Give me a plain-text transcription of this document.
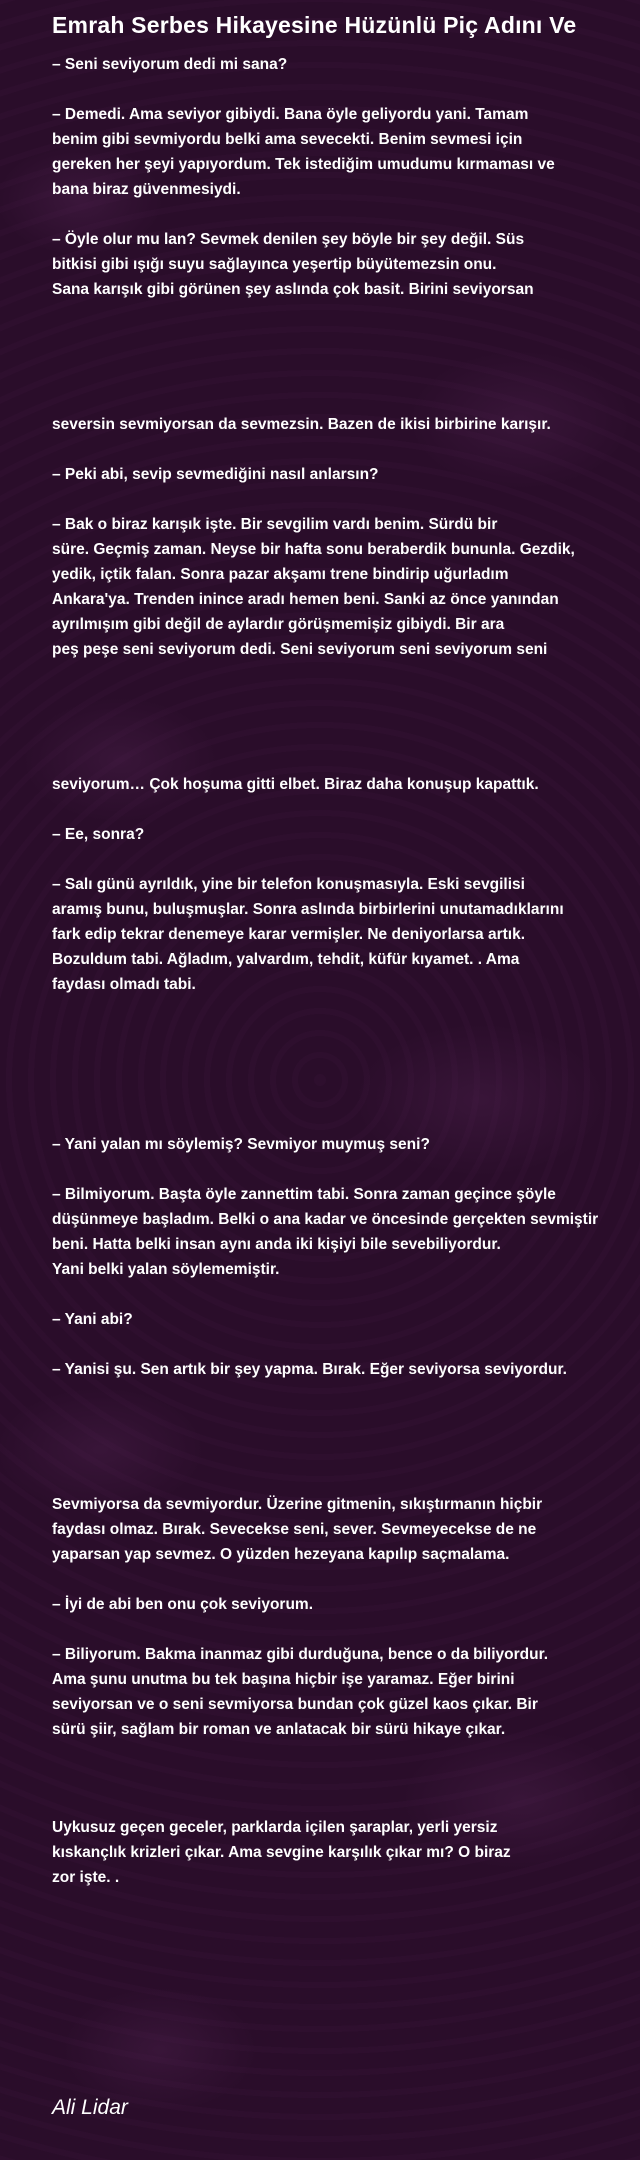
Emrah Serbes Hikayesine Hüzünlü Piç Adını Ve
– Seni seviyorum dedi mi sana?
– Demedi. Ama seviyor gibiydi. Bana öyle geliyordu yani. Tamam
benim gibi sevmiyordu belki ama sevecekti. Benim sevmesi için
gereken her şeyi yapıyordum. Tek istediğim umudumu kırmaması ve
bana biraz güvenmesiydi.
– Öyle olur mu lan? Sevmek denilen şey böyle bir şey değil. Süs
bitkisi gibi ışığı suyu sağlayınca yeşertip büyütemezsin onu.
Sana karışık gibi görünen şey aslında çok basit. Birini seviyorsan
seversin sevmiyorsan da sevmezsin. Bazen de ikisi birbirine karışır.
– Peki abi, sevip sevmediğini nasıl anlarsın?
– Bak o biraz karışık işte. Bir sevgilim vardı benim. Sürdü bir
süre. Geçmiş zaman. Neyse bir hafta sonu beraberdik bununla. Gezdik,
yedik, içtik falan. Sonra pazar akşamı trene bindirip uğurladım
Ankara'ya. Trenden inince aradı hemen beni. Sanki az önce yanından
ayrılmışım gibi değil de aylardır görüşmemişiz gibiydi. Bir ara
peş peşe seni seviyorum dedi. Seni seviyorum seni seviyorum seni
seviyorum… Çok hoşuma gitti elbet. Biraz daha konuşup kapattık.
– Ee, sonra?
– Salı günü ayrıldık, yine bir telefon konuşmasıyla. Eski sevgilisi
aramış bunu, buluşmuşlar. Sonra aslında birbirlerini unutamadıklarını
fark edip tekrar denemeye karar vermişler. Ne deniyorlarsa artık.
Bozuldum tabi. Ağladım, yalvardım, tehdit, küfür kıyamet. . Ama
faydası olmadı tabi.
– Yani yalan mı söylemiş? Sevmiyor muymuş seni?
– Bilmiyorum. Başta öyle zannettim tabi. Sonra zaman geçince şöyle
düşünmeye başladım. Belki o ana kadar ve öncesinde gerçekten sevmiştir
beni. Hatta belki insan aynı anda iki kişiyi bile sevebiliyordur.
Yani belki yalan söylememiştir.
– Yani abi?
– Yanisi şu. Sen artık bir şey yapma. Bırak. Eğer seviyorsa seviyordur.
Sevmiyorsa da sevmiyordur. Üzerine gitmenin, sıkıştırmanın hiçbir
faydası olmaz. Bırak. Sevecekse seni, sever. Sevmeyecekse de ne
yaparsan yap sevmez. O yüzden hezeyana kapılıp saçmalama.
– İyi de abi ben onu çok seviyorum.
– Biliyorum. Bakma inanmaz gibi durduğuna, bence o da biliyordur.
Ama şunu unutma bu tek başına hiçbir işe yaramaz. Eğer birini
seviyorsan ve o seni sevmiyorsa bundan çok güzel kaos çıkar. Bir
sürü şiir, sağlam bir roman ve anlatacak bir sürü hikaye çıkar.
Uykusuz geçen geceler, parklarda içilen şaraplar, yerli yersiz
kıskançlık krizleri çıkar. Ama sevgine karşılık çıkar mı? O biraz
zor işte. .
Ali Lidar
